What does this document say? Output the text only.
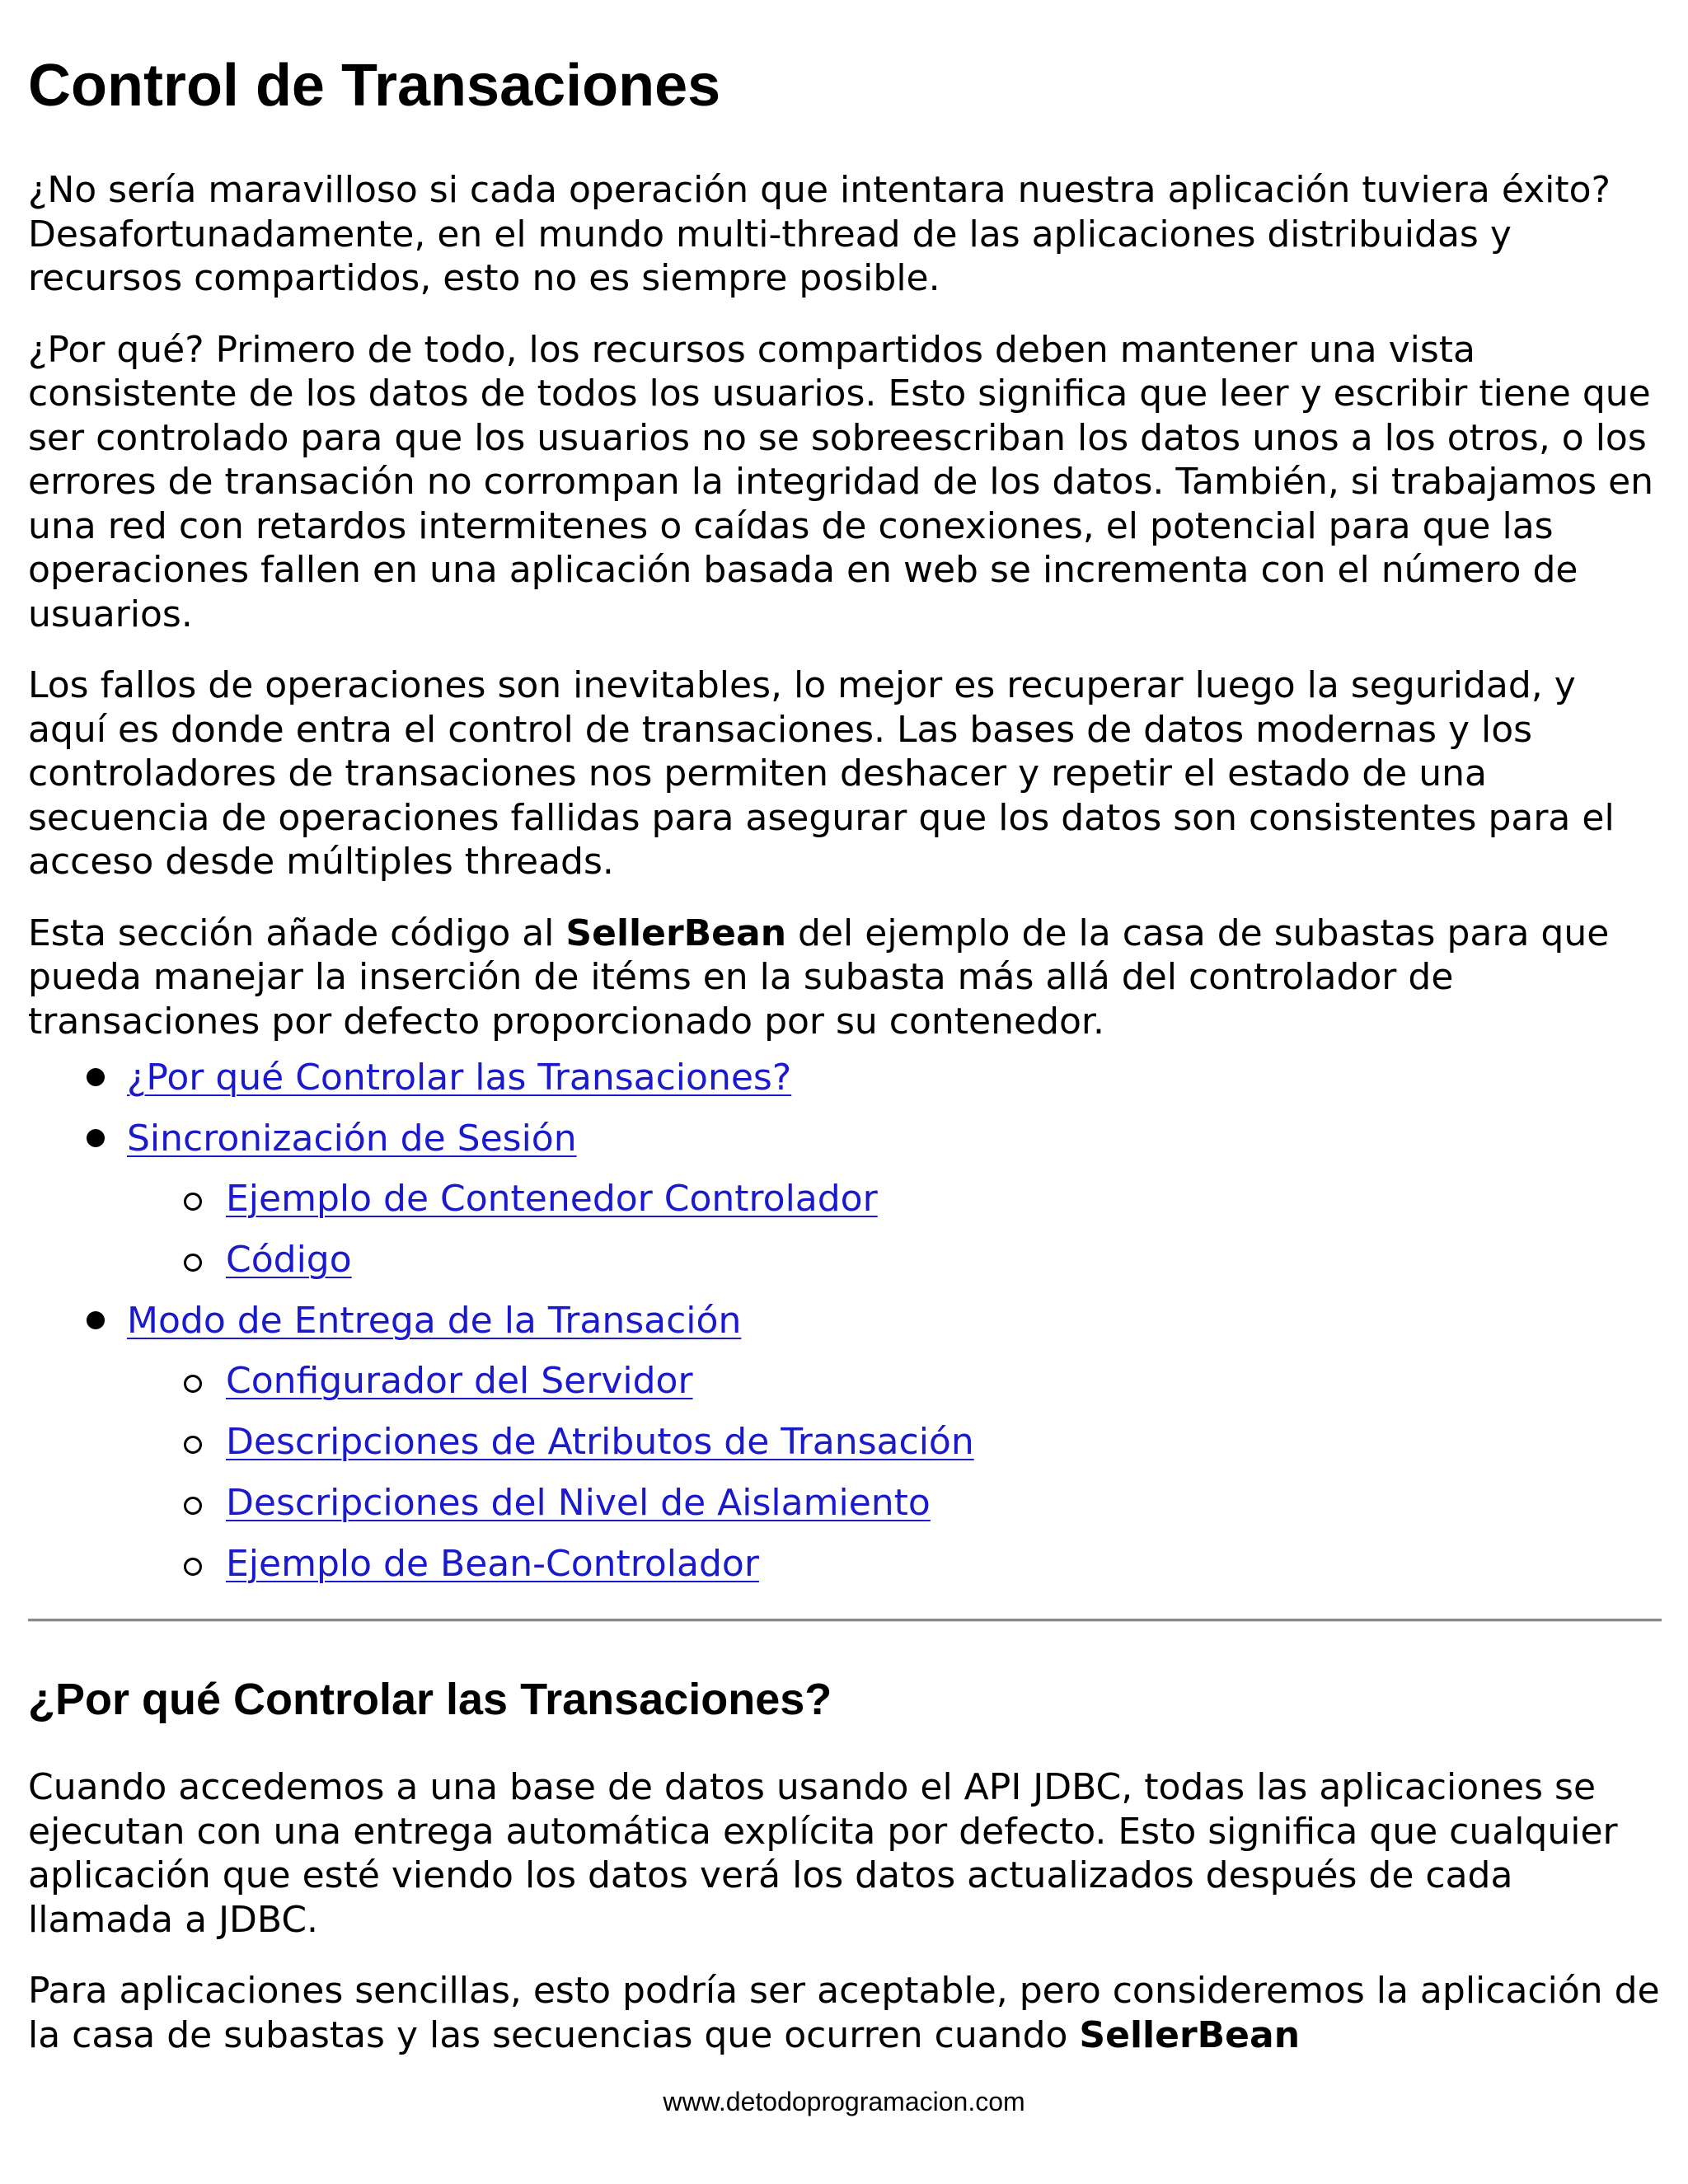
Control de Transaciones

¿No sería maravilloso si cada operación que intentara nuestra aplicación tuviera éxito? Desafortunadamente, en el mundo multi-thread de las aplicaciones distribuidas y recursos compartidos, esto no es siempre posible.

¿Por qué? Primero de todo, los recursos compartidos deben mantener una vista consistente de los datos de todos los usuarios. Esto significa que leer y escribir tiene que ser controlado para que los usuarios no se sobreescriban los datos unos a los otros, o los errores de transación no corrompan la integridad de los datos. También, si trabajamos en una red con retardos intermitenes o caídas de conexiones, el potencial para que las operaciones fallen en una aplicación basada en web se incrementa con el número de usuarios.

Los fallos de operaciones son inevitables, lo mejor es recuperar luego la seguridad, y aquí es donde entra el control de transaciones. Las bases de datos modernas y los controladores de transaciones nos permiten deshacer y repetir el estado de una secuencia de operaciones fallidas para asegurar que los datos son consistentes para el acceso desde múltiples threads.

Esta sección añade código al SellerBean del ejemplo de la casa de subastas para que pueda manejar la inserción de itéms en la subasta más allá del controlador de transaciones por defecto proporcionado por su contenedor.

¿Por qué Controlar las Transaciones?
Sincronización de Sesión
Ejemplo de Contenedor Controlador
Código
Modo de Entrega de la Transación
Configurador del Servidor
Descripciones de Atributos de Transación
Descripciones del Nivel de Aislamiento
Ejemplo de Bean-Controlador
¿Por qué Controlar las Transaciones?

Cuando accedemos a una base de datos usando el API JDBC, todas las aplicaciones se ejecutan con una entrega automática explícita por defecto. Esto significa que cualquier aplicación que esté viendo los datos verá los datos actualizados después de cada llamada a JDBC.

Para aplicaciones sencillas, esto podría ser aceptable, pero consideremos la aplicación de la casa de subastas y las secuencias que ocurren cuando SellerBean

www.detodoprogramacion.com
